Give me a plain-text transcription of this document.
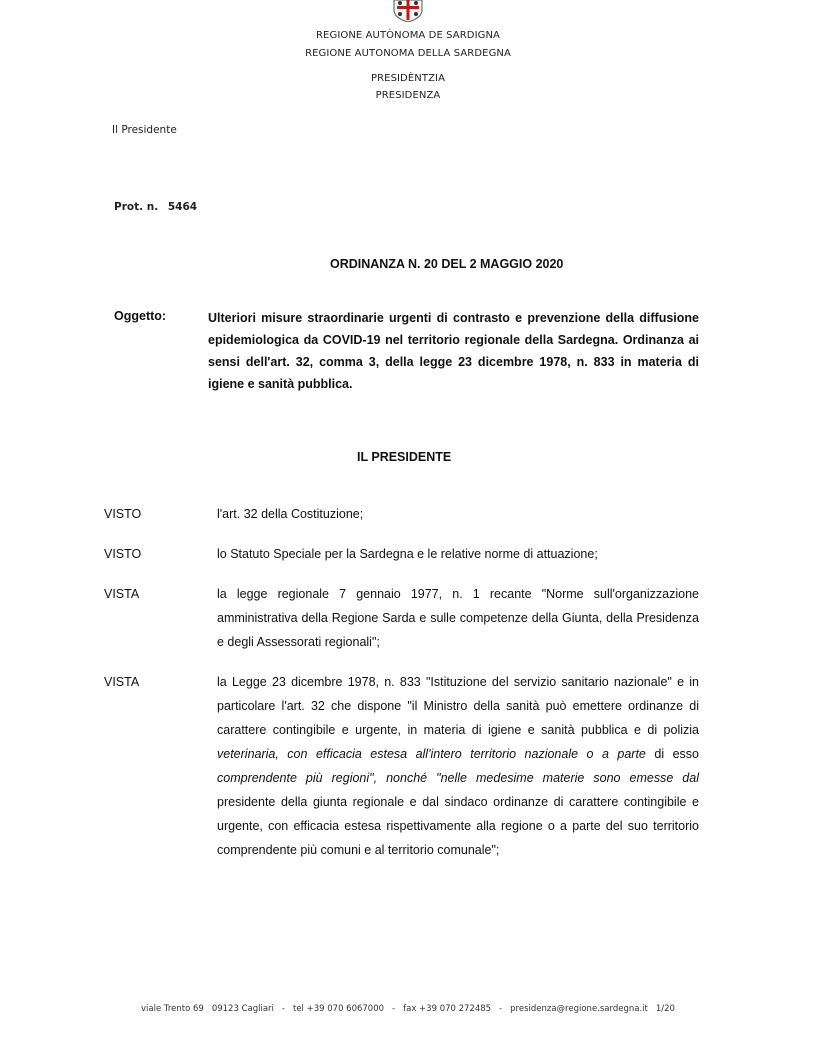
REGIONE AUTÒNOMA DE SARDIGNA
REGIONE AUTONOMA DELLA SARDEGNA
PRESIDÈNTZIA
PRESIDENZA
Il Presidente
Prot. n. 5464
ORDINANZA N. 20 DEL 2 MAGGIO 2020
Oggetto:	Ulteriori misure straordinarie urgenti di contrasto e prevenzione della diffusione epidemiologica da COVID-19 nel territorio regionale della Sardegna. Ordinanza ai sensi dell'art. 32, comma 3, della legge 23 dicembre 1978, n. 833 in materia di igiene e sanità pubblica.

IL PRESIDENTE
VISTO	l'art. 32 della Costituzione;

VISTO	lo Statuto Speciale per la Sardegna e le relative norme di attuazione;

VISTA	la legge regionale 7 gennaio 1977, n. 1 recante "Norme sull'organizzazione amministrativa della Regione Sarda e sulle competenze della Giunta, della Presidenza e degli Assessorati regionali";

VISTA	la Legge 23 dicembre 1978, n. 833 "Istituzione del servizio sanitario nazionale" e in particolare l'art. 32 che dispone "il Ministro della sanità può emettere ordinanze di carattere contingibile e urgente, in materia di igiene e sanità pubblica e di polizia veterinaria, con efficacia estesa all'intero territorio nazionale o a parte di esso comprendente più regioni", nonché "nelle medesime materie sono emesse dal presidente della giunta regionale e dal sindaco ordinanze di carattere contingibile e urgente, con efficacia estesa rispettivamente alla regione o a parte del suo territorio comprendente più comuni e al territorio comunale";

viale Trento 69 09123 Cagliari - tel +39 070 6067000 - fax +39 070 272485 - presidenza@regione.sardegna.it 1/20
